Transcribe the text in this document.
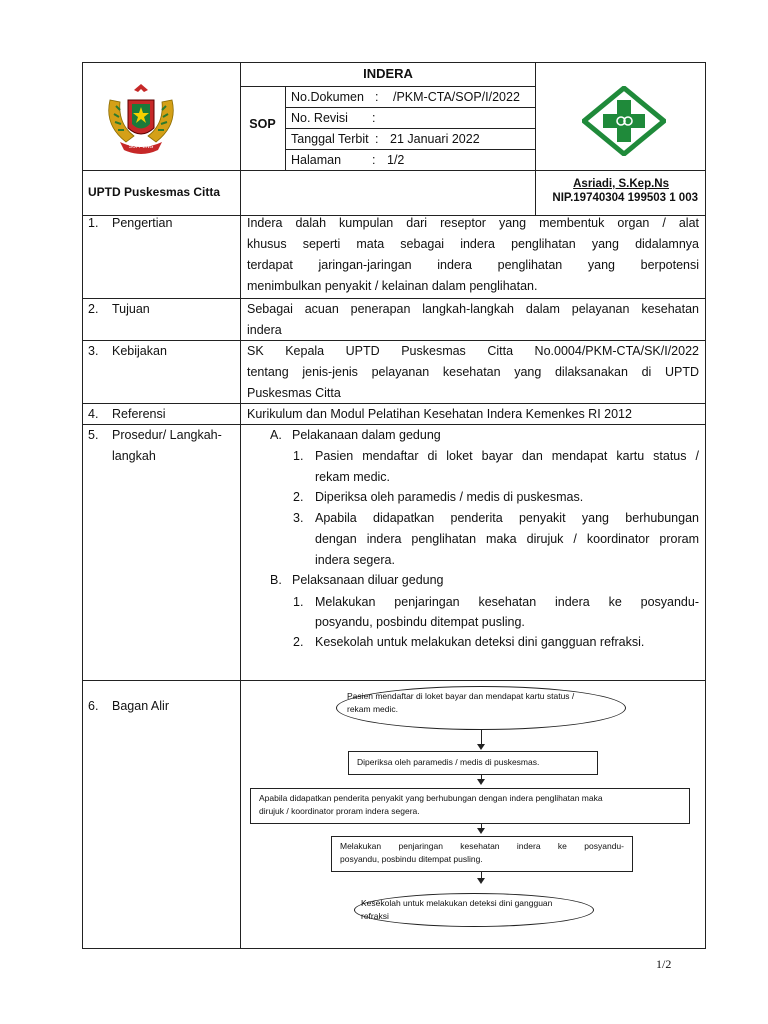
SOPPENG
INDERA
SOP
No.Dokumen : /PKM-CTA/SOP/I/2022
No. Revisi :
Tanggal Terbit : 21 Januari 2022
Halaman : 1/2
UPTD Puskesmas Citta
Asriadi, S.Kep.Ns
NIP.19740304 199503 1 003
1. Pengertian	Indera dalah kumpulan dari reseptor yang membentuk organ / alat
khusus seperti mata sebagai indera penglihatan yang didalamnya
terdapat jaringan-jaringan indera penglihatan yang berpotensi
menimbulkan penyakit / kelainan dalam penglihatan.
2. Tujuan	Sebagai acuan penerapan langkah-langkah dalam pelayanan kesehatan
indera
3. Kebijakan	SK Kepala UPTD Puskesmas Citta No.0004/PKM-CTA/SK/I/2022
tentang jenis-jenis pelayanan kesehatan yang dilaksanakan di UPTD
Puskesmas Citta
4. Referensi	Kurikulum dan Modul Pelatihan Kesehatan Indera Kemenkes RI 2012
5. Prosedur/ Langkah-
langkah
A. Pelakanaan dalam gedung
1. Pasien mendaftar di loket bayar dan mendapat kartu status /
rekam medic.
2. Diperiksa oleh paramedis / medis di puskesmas.
3. Apabila didapatkan penderita penyakit yang berhubungan
dengan indera penglihatan maka dirujuk / koordinator proram
indera segera.
B. Pelaksanaan diluar gedung
1. Melakukan penjaringan kesehatan indera ke posyandu-
posyandu, posbindu ditempat pusling.
2. Kesekolah untuk melakukan deteksi dini gangguan refraksi.
6. Bagan Alir
Pasien mendaftar di loket bayar dan mendapat kartu status /
rekam medic.
Diperiksa oleh paramedis / medis di puskesmas.
Apabila didapatkan penderita penyakit yang berhubungan dengan indera penglihatan maka
dirujuk / koordinator proram indera segera.
Melakukan penjaringan kesehatan indera ke posyandu-
posyandu, posbindu ditempat pusling.
Kesekolah untuk melakukan deteksi dini gangguan
refraksi
1/2
